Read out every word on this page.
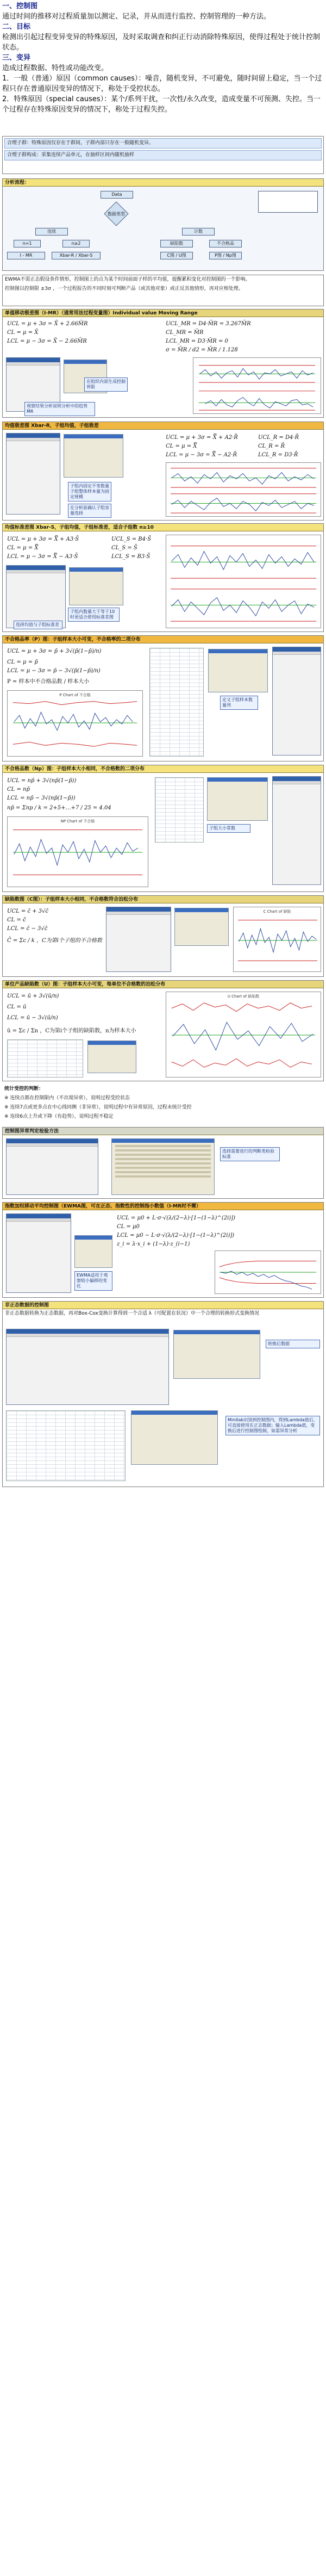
一、控制图

通过时间的推移对过程质量加以测定、记录，并从而进行监控、控制管理的一种方法。

二、目标

检测出引起过程变异变异的特殊原因，及时采取调查和纠正行动消除特殊原因，使得过程处于统计控制状态。

三、变异

造成过程数据、特性或功能改变。

1．一般（普通）原因（common causes）：噪音，随机变异，不可避免，随时间留上稳定，当一个过程只存在普通原因变异的情况下，称处于受控状态。

2．特殊原因（special causes）：某个/系列干扰，一次性/永久改变，造成变量不可预测、失控。当一个过程存在特殊原因变异的情况下，称处于过程失控。

合理子群：特殊原因仅存在于群间，子群内部只存在一般随机变异。
合理子群构成：采集连续产品单元，在抽样区间内随机抽样
分析流程：
Data
数据类型
连续	计数
n=1	n≥2
Xbar-R / Xbar-S
I - MR
缺陷数	不合格品
C图 / U图	P图 / Np图
EWMA不需正态假设条件情形，控制图上的点为某个时间前面子样的平均值，提醒累积变化对控制图的一个影响。
控制图以控制限 ±3σ ，一个过程报告的不同时刻可判断产品（或其他对象）或正反其他情形，再对应相处理。
单值移动极差图（I-MR）（通常用法过程变量图）Individual value Moving Range
UCL = μ + 3σ = X̄ + 2.66M̄R
CL = μ = X̄
LCL = μ − 3σ = X̄ − 2.66M̄R
UCL_MR = D4·M̄R = 3.267M̄R
CL_MR = M̄R
LCL_MR = D3·M̄R = 0
σ = M̄R / d2 = M̄R / 1.128
在组织内部生成控制界限
观察结果分析说明分析中的趋势 M̄R
均值极差图 Xbar-R，子组均值，子组极差
UCL = μ + 3σ = X̿ + A2·R̄
CL = μ = X̿
LCL = μ − 3σ = X̿ − A2·R̄
UCL_R = D4·R̄
CL_R = R̄
LCL_R = D3·R̄
子组内固定不变数量子组整体样本量为固定规模
在分析前确认子组容量选择
均值标准差图 Xbar-S，子组均值，子组标准差，适合子组数 n≥10
UCL = μ + 3σ = X̿ + A3·S̄
CL = μ = X̿
LCL = μ − 3σ = X̿ − A3·S̄
UCL_S = B4·S̄
CL_S = S̄
LCL_S = B3·S̄
子组内数量大于等于10时更适合使用标准差图
选择均值与子组标准差
不合格品率（P）图：子组样本大小可变，不合格率的二项分布
UCL = μ + 3σ = p̄ + 3√(p̄(1−p̄)/n)
CL = μ = p̄
LCL = μ − 3σ = p̄ − 3√(p̄(1−p̄)/n)
P = 样本中不合格品数 / 样本大小
P Chart of 不合格
定义子组样本数量列
不合格品数（Np）图：子组样本大小相同，不合格数的二项分布
UCL = np̄ + 3√(np̄(1−p̄))
CL = np̄
LCL = np̄ − 3√(np̄(1−p̄))
np̄ = Σnp / k = 2+5+…+7 / 25 = 4.04
NP Chart of 不合格
子组大小常数
缺陷数图（C图）：子组样本大小相同，不合格数符合泊松分布
UCL = c̄ + 3√c̄
CL = c̄
LCL = c̄ − 3√c̄
C̄ = Σc / k ，C为第i个子组的不合格数
C Chart of 缺陷
单位产品缺陷数（U）图：子组样本大小可变，每单位不合格数的泊松分布
UCL = ū + 3√(ū/n)
CL = ū
LCL = ū − 3√(ū/n)
ū = Σc / Σn ，C为第i个子组的缺陷数，n为样本大小
U Chart of 缺陷数
统计受控的判断：
※ 连续点都在控制限内（不出现异常），说明过程受控状态
※ 连续7点或更多点在中心线同侧（非异常），说明过程中有异常原因，过程未统计受控
※ 连续6点上升或下降（有趋势），说明过程不稳定
控制图异常判定检验方法
选择需要进行的判断类检验标准
指数加权移动平均控制图（EWMA图，可在正态、指数性的控制指小数值（I-MR时不需）
UCL = μ0 + L·σ·√(λ/(2−λ)·[1−(1−λ)^(2i)])
CL = μ0
LCL = μ0 − L·σ·√(λ/(2−λ)·[1−(1−λ)^(2i)])
z_i = λ·x_i + (1−λ)·z_(i−1)
EWMA适用于观察较小偏移的变化
非正态数据的控制图
非正态数据转换为正态数据，再对Box-Cox变换计算得到一个合适 λ（可配置在状况）中一个合理的转换形式变换情况
转换后数据
Minitab识别到控制图内，得到Lambda值后，可直接使用在正态数据；输入Lambda值，变换后进行控制图绘制，如需异常分析
